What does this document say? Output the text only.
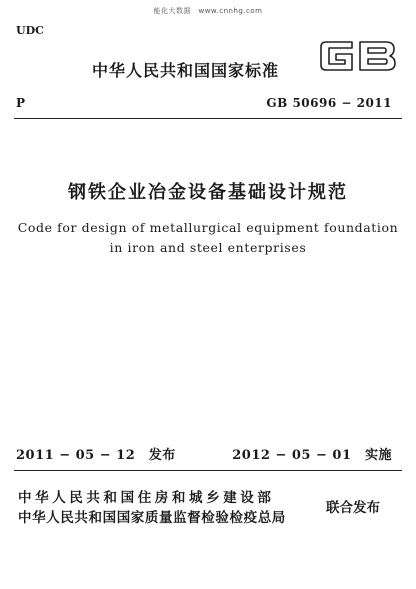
能化大数据　www.cnnhg.com
UDC
中华人民共和国国家标准
P	GB 50696 − 2011
钢铁企业冶金设备基础设计规范
Code for design of metallurgical equipment foundation
in iron and steel enterprises
2011 − 05 − 12　发布	2012 − 05 − 01　实施
中华人民共和国住房和城乡建设部
中华人民共和国国家质量监督检验检疫总局
联合发布
